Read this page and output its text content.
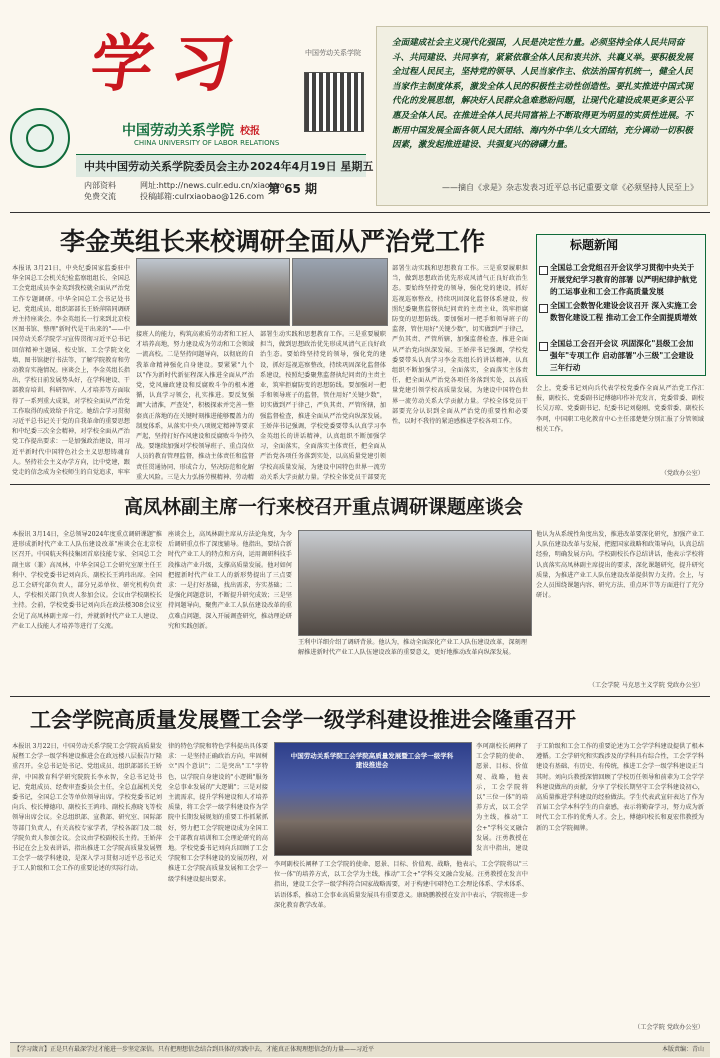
学习
中国劳动关系学院
CHINA UNIVERSITY OF LABOR RELATIONS
校报
中国劳动关系学院
中共中国劳动关系学院委员会主办 2024年4月19日 星期五
内部资料
免费交流
网址:http://news.culr.edu.cn/xiaobao
投稿邮箱:culrxiaobao@126.com
第 65 期
全面建成社会主义现代化强国，人民是决定性力量。必须坚持全体人民共同奋斗、共同建设、共同享有，紧紧依靠全体人民和衷共济、共襄义举。要积极发展全过程人民民主，坚持党的领导、人民当家作主、依法治国有机统一，健全人民当家作主制度体系，激发全体人民的积极性主动性创造性。要扎实推进中国式现代化的发展思想，解决好人民群众急难愁盼问题，让现代化建设成果更多更公平惠及全体人民。在推进全体人民共同富裕上不断取得更为明显的实质性进展。不断用中国发展全面各领人民大团结、海内外中华儿女大团结，充分调动一切积极因素，激发起推进建设、共强复兴的磅礴力量。
——摘自《求是》杂志发表习近平总书记重要文章《必须坚持人民至上》
李金英组长来校调研全面从严治党工作
本报讯 3月21日，中央纪委国家监委驻中华全国总工会机关纪检监察组组长、全国总工会党组成员李金英到我校就全面从严治党工作专题调研。中华全国总工会书记处书记、党组成员、组织部部长王娇萍陪同调研并主持座谈会。李金英组长一行来到北京校区图书馆、整理"新时代是干出来的"——中国劳动关系学院学习宣传贯彻习近平总书记回信精神主题展、校史馆、工会学院文化墙、图书馆捷行书法等，了解学院教育和劳动教育实施情况。座谈会上，李金英组长指出，学校日前发展势头好，在学科建设、干部教育培训、科研智库、人才培养等方面取得了一系列重大成果，对学校全面从严治党工作取得的成效给予肯定。她结合学习贯彻习近平总书记关于党的自我革命的重要思想和中纪委三次全会精神，对学校全面从严治党工作提出要求：一是加强政治建设，用习近平新时代中国特色社会主义思想铸魂育人。坚持社会主义办学方向，比中党建，跟党走的信念成为全校师生的自觉追求，牢牢
接班人的能力，构筑高素质劳动者和工匠人才培养高地，努力建设成为劳动和工会领域一流高校。二是坚持问题导向，以彻底的自我革命精神强化自身建设。要紧紧"九个以"作为新时代新征程深入推进全面从严治党，党风廉政建设和反腐败斗争的根本遵循，认真学习领会，扎实推进。要反复强调"大清淮，严查处"，积极探索并完善一整套真正落地的在关键时刻推进能够覆盖力的制度体系，从落实中央八项规定精神等要求严起，坚持打好作风建设和反腐败斗争持久战。要继续加强对学校领导班子、重点岗位人员的教育管理监督，推动主体责任和监督责任贯通协同、形成合力，坚决防范和化解重大风险。三是大力弘扬劳模精神、劳动精
部署生动实践和思想教育工作。三是重要履职担当，做到思想政治优先形成风清气正良好政治生态。要始终坚持党的领导，强化党的建设，抓好巡视巡察整改，持续巩固深化监督体系建设，按照纪委聚焦监督执纪问责的主责主业，筑牢拒腐防变的思想防线。要加强对一把手和领导班子的监督，管住用好"关键少数"，切实做到严于律己，严负其责、严管所辖，加强监督检查，推进全面从严治党向纵深发展。王娇萍书记强调，学校党委要带头认真学习李金英组长的讲话精神，认真组织不断加强学习，全面落实，全面落实主体责任，把全面从严治党各项任务落到实处，以高质量党建引领学校高质量发展，为建设中国特色世界一流劳动关系大学贡献力量。学校全体党员干部要充
部署生动实践和思想教育工作。三是重要履职担当，做到思想政治优先形成风清气正良好政治生态。要始终坚持党的领导，强化党的建设，抓好巡视巡察整改，持续巩固深化监督体系建设，按照纪委聚焦监督执纪问责的主责主业，筑牢拒腐防变的思想防线。要加强对一把手和领导班子的监督，管住用好"关键少数"，切实做到严于律己，严负其责、严管所辖，加强监督检查，推进全面从严治党向纵深发展。王娇萍书记强调，学校党委要带头认真学习李金英组长的讲话精神，认真组织不断加强学习，全面落实，全面落实主体责任，把全面从严治党各项任务落到实处，以高质量党建引领学校高质量发展，为建设中国特色世界一流劳动关系大学贡献力量。学校全体党员干部要充分认识到全面从严治党的重要性和必要性，以时不我待的紧迫感推进学校各项工作。
标题新闻
全国总工会党组召开会议学习贯彻中央关于开展党纪学习教育的部署 以严明纪律护航党的工运事业和工会工作高质量发展
全国工会数智化建设会议召开 深入实施工会数智化建设工程 推动工会工作全面提质增效
全国总工会召开会议 巩固深化"县级工会加强年"专项工作 启动部署"小三级"工会建设三年行动
会上，党委书记刘向兵代表学校党委作全面从严治党工作汇报，副校长、党委副书记傅德印作补充发言，党委常委、副校长吴万琼、党委副书记、纪委书记刘稳刚，党委常委、副校长李珂，中国职工电化教育中心主任邵楚楚分别汇报了分管领域相关工作。
（党政办公室）
高凤林副主席一行来校召开重点调研课题座谈会
本报讯 3月14日，全总领导2024年度重点调研课题"推进形成新时代产业工人队伍建设改革"座谈会在北京校区召开。中国航天科技集团首席技能专家、全国总工会副主席（兼）高凤林，中华全国总工会研究室原主任王利中、学校党委书记刘向兵、副校长王鸿玮出席。全国总工会研究部负责人，部分兄弟单位、研究机构负责人，学校相关部门负责人参加会议。会议由学校副校长主持。会前，学校党委书记刘向兵在政法楼308会议室会见了高凤林副主席一行，并就新时代产业工人建设、产业工人技能人才培养等进行了交流。
座谈会上，高凤林副主席从方法论角度，为今后调研重点作了深度辅导。他指出，要结合新时代产业工人的特点和方向，运用调研科技手段推动产业升级，支撑高质量发展。他对如何把握新时代产业工人的新形势提出了三点要求：一是打好基础，找出需求，夯实基础；二是强化问题意识，不断提升研究成效；三是坚持问题导向，聚焦产业工人队伍建设改革的重点难点问题，深入开展调查研究，推动理论研究和实践创新。
王利中详细介绍了调研背景。他认为，推动全面深化产业工人队伍建设改革，深刻理解推进新时代产业工人队伍建设改革的重要意义，更好地推动改革向纵深发展。
他认为从系统性角度出发，推进改革要深化研究，加强产业工人队伍建设改革与发展，把握国家战略和政策导向，认真总结经验，明确发展方向。学校副校长作总结讲话，他表示学校将认真落实高凤林副主席提出的要求，深化课题研究，提升研究质量，为推进产业工人队伍建设改革提供智力支持。会上，与会人员围绕课题内容、研究方法、重点环节等方面进行了充分研讨。
（工会学院 马克思主义学院 党政办公室）
工会学院高质量发展暨工会学一级学科建设推进会隆重召开
本报讯 3月22日，中国劳动关系学院工会学院高质量发展暨工会学一级学科建设推进会在政远楼八层报告厅隆重召开。全总书记处书记、党组成员、组织部部长王娇萍，中国教育科学研究院院长李永智，全总书记处书记、党组成员、经费审查委员会主任，全总直属机关党委书记，全国总工会等单位领导出席。学校党委书记刘向兵、校长傅德印、副校长王鸿玮、副校长燕晓飞等校领导出席会议。全总组织部、宣教部、研究室、国际部等部门负责人，有关高校专家学者，学校各部门及二级学院负责人参加会议。会议由学校副校长主持。王娇萍书记在会上发表讲话，指出推进工会学院高质量发展暨工会学一级学科建设，是深入学习贯彻习近平总书记关于工人阶级和工会工作的重要论述的实际行动。
律的特色学院和特色学科提出具体要求：一是坚持正确政治方向，牢固树立"四个意识"；二是突出"工"字特色，以学院自身建设的"小逻辑"服务全总事业发展的"大逻辑"；三是对接主流需求，提升学科建设和人才培养质量，将工会学一级学科建设作为学院中长期发展规划的重要工作抓紧抓好，努力把工会学院建设成为全国工会干部教育培训和工会理论研究的高地。学校党委书记刘向兵回顾了工会学院和工会学科建设的发展历程，对推进工会学院高质量发展和工会学一级学科建设提出要求。
中国劳动关系学院工会学院高质量发展暨工会学一级学科建设推进会
李珂副校长阐释了工会学院的使命、愿景、目标、价值观、战略，他表示，工会学院将以"三位一体"的培养方式，以工会学为主线，推动"工会+"学科交叉融合发展。汪勇教授在发言中指出，建设工会学一级学科符合国家战略需要，对于构建中国特色工会理论体系、学术体系、话语体系，推动工会事业高质量发展具有重要意义。康晓鹏教授在发言中表示，学院将进一步深化教育教学改革。
李珂副校长阐释了工会学院的使命、愿景、目标、价值观、战略，他表示，工会学院将以"三位一体"的培养方式，以工会学为主线，推动"工会+"学科交叉融合发展。汪勇教授在发言中指出，建设
于工阶级和工会工作的重要论述为工会学学科建设提供了根本遵循。工会学研究和实践涉及的学科具有综合性，工会学学科建设有基础、有历史、有传统，推进工会学一级学科建设正当其时。刘向兵教授深情回顾了学校历任领导和前辈为工会学学科建设做出的贡献，分享了学校长期坚守工会学科建设初心，高质量推进学科建设的经验做法。学生代表武宣轩表达了作为首届工会学本科学生的自豪感，表示将勤奋学习，努力成为新时代工会工作的优秀人才。会上，傅德印校长和夏宏伟教授为新的工会学院揭牌。
（工会学院 党政办公室）
【学习箴言】正是只有最深学过才能进一步坚定深信。只有把理想信念结合到具体的实践中去，才能真正体现理想信念的力量——习近平	本版责编：青山
